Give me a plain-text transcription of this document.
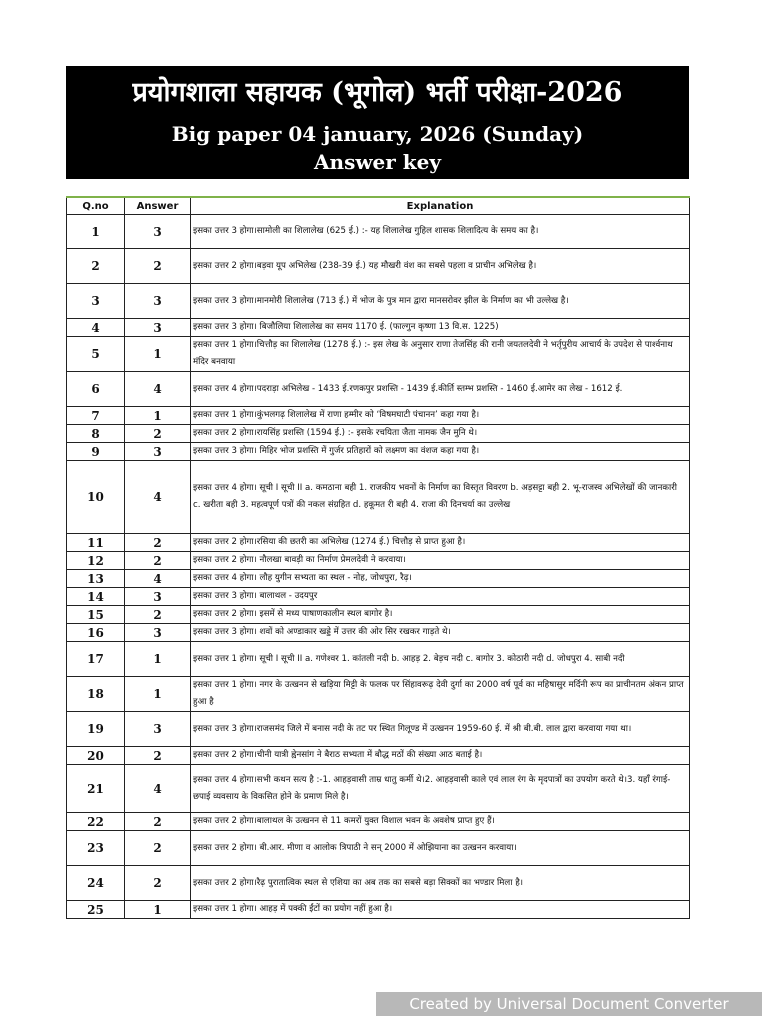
प्रयोगशाला सहायक (भूगोल) भर्ती परीक्षा-2026
Big paper 04 january, 2026 (Sunday)
Answer key
Q.no	Answer	Explanation
1	3	इसका उत्तर 3 होगा।सामोली का शिलालेख (625 ई.) :- यह शिलालेख गुहिल शासक शिलादित्य के समय का है।
2	2	इसका उत्तर 2 होगा।बड़वा यूप अभिलेख (238-39 ई.) यह मौखरी वंश का सबसे पहला व प्राचीन अभिलेख है।
3	3	इसका उत्तर 3 होगा।मानमोरी शिलालेख (713 ई.) में भोज के पुत्र मान द्वारा मानसरोवर झील के निर्माण का भी उल्लेख है।
4	3	इसका उत्तर 3 होगा। बिजौलिया शिलालेख का समय 1170 ई. (फाल्गुन कृष्णा 13 वि.स. 1225)
5	1	इसका उत्तर 1 होगा।चित्तौड़ का शिलालेख (1278 ई.) :- इस लेख के अनुसार राणा तेजसिंह की रानी जयतलदेवी ने भर्तृपुरीय आचार्य के उपदेश से पार्श्वनाथ मंदिर बनवाया
6	4	इसका उत्तर 4 होगा।पदराड़ा अभिलेख - 1433 ई.रणकपुर प्रशस्ति - 1439 ई.कीर्ति स्तम्भ प्रशस्ति - 1460 ई.आमेर का लेख - 1612 ई.
7	1	इसका उत्तर 1 होगा।कुंभलगढ़ शिलालेख में राणा हम्मीर को ‘विषमघाटी पंचानन’ कहा गया है।
8	2	इसका उत्तर 2 होगा।रायसिंह प्रशस्ति (1594 ई.) :- इसके रचयिता जैता नामक जैन मुनि थे।
9	3	इसका उत्तर 3 होगा। मिहिर भोज प्रशस्ति में गुर्जर प्रतिहारों को लक्ष्मण का वंशज कहा गया है।
10	4	इसका उत्तर 4 होगा। सूची I सूची II a. कमठाना बही 1. राजकीय भवनों के निर्माण का विस्तृत विवरण b. अड़सट्टा बही 2. भू-राजस्व अभिलेखों की जानकारी c. खरीता बही 3. महत्वपूर्ण पत्रों की नकल संग्रहित d. हकूमत री बही 4. राजा की दिनचर्या का उल्लेख
11	2	इसका उत्तर 2 होगा।रसिया की छतरी का अभिलेख (1274 ई.) चित्तौड़ से प्राप्त हुआ है।
12	2	इसका उत्तर 2 होगा। नौलखा बावड़ी का निर्माण प्रेमलदेवी ने करवाया।
13	4	इसका उत्तर 4 होगा। लौह युगीन सभ्यता का स्थल - नोह, जोधपुरा, रैढ़।
14	3	इसका उत्तर 3 होगा। बालाथल - उदयपुर
15	2	इसका उत्तर 2 होगा। इसमें से मध्य पाषाणकालीन स्थल बागोर है।
16	3	इसका उत्तर 3 होगा। शवों को अण्डाकार खड्डे में उत्तर की ओर सिर रखकर गाड़ते थे।
17	1	इसका उत्तर 1 होगा। सूची I सूची II a. गणेश्वर 1. कांतली नदी b. आहड़ 2. बेड़च नदी c. बागोर 3. कोठारी नदी d. जोधपुरा 4. साबी नदी
18	1	इसका उत्तर 1 होगा। नगर के उत्खनन से खड़िया मिट्टी के फलक पर सिंहावरूढ़ देवी दुर्गा का 2000 वर्ष पूर्व का महिषासुर मर्दिनी रूप का प्राचीनतम अंकन प्राप्त हुआ है
19	3	इसका उत्तर 3 होगा।राजसमंद जिले में बनास नदी के तट पर स्थित गिलूण्ड में उत्खनन 1959-60 ई. में श्री बी.बी. लाल द्वारा करवाया गया था।
20	2	इसका उत्तर 2 होगा।चीनी यात्री ह्वेनसांग ने बैराठ सभ्यता में बौद्ध मठों की संख्या आठ बताई है।
21	4	इसका उत्तर 4 होगा।सभी कथन सत्य है :-1. आहड़वासी ताम्र धातु कर्मी थे।2. आहड़वासी काले एवं लाल रंग के मृदपात्रों का उपयोग करते थे।3. यहाँ रंगाई-छपाई व्यवसाय के विकसित होने के प्रमाण मिले है।
22	2	इसका उत्तर 2 होगा।बालाथल के उत्खनन से 11 कमरों युक्त विशाल भवन के अवशेष प्राप्त हुए हैं।
23	2	इसका उत्तर 2 होगा। बी.आर. मीणा व आलोक त्रिपाठी ने सन् 2000 में ओझियाना का उत्खनन करवाया।
24	2	इसका उत्तर 2 होगा।रैढ़ पुरातात्विक स्थल से एशिया का अब तक का सबसे बड़ा सिक्कों का भण्डार मिला है।
25	1	इसका उत्तर 1 होगा। आहड़ में पक्की ईंटों का प्रयोग नहीं हुआ है।
Created by Universal Document Converter
